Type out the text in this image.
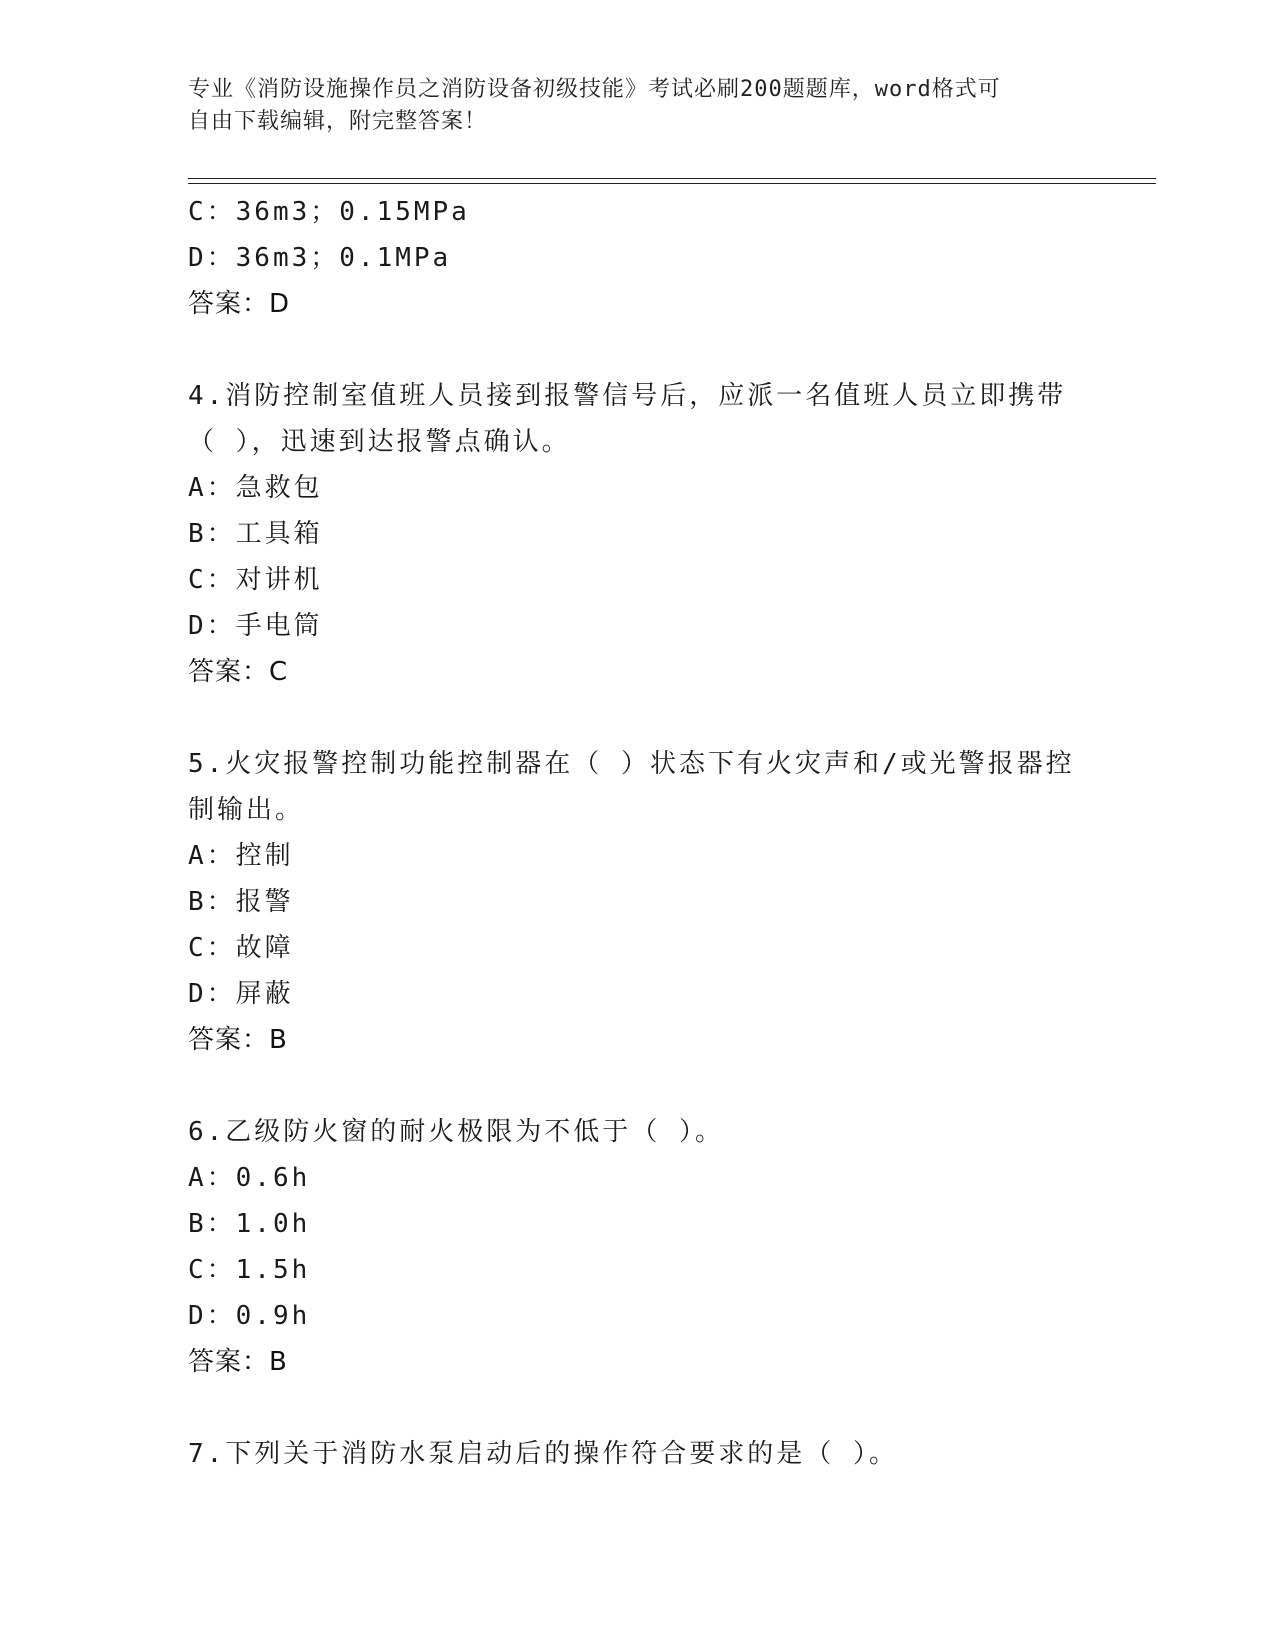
专业《消防设施操作员之消防设备初级技能》考试必刷200题题库，word格式可
自由下载编辑，附完整答案！
C：36m3；0.15MPa
D：36m3；0.1MPa
答案：D
4.消防控制室值班人员接到报警信号后，应派一名值班人员立即携带
（ ），迅速到达报警点确认。
A：急救包
B：工具箱
C：对讲机
D：手电筒
答案：C
5.火灾报警控制功能控制器在（ ）状态下有火灾声和/或光警报器控
制输出。
A：控制
B：报警
C：故障
D：屏蔽
答案：B
6.乙级防火窗的耐火极限为不低于（ ）。
A：0.6h
B：1.0h
C：1.5h
D：0.9h
答案：B
7.下列关于消防水泵启动后的操作符合要求的是（ ）。
